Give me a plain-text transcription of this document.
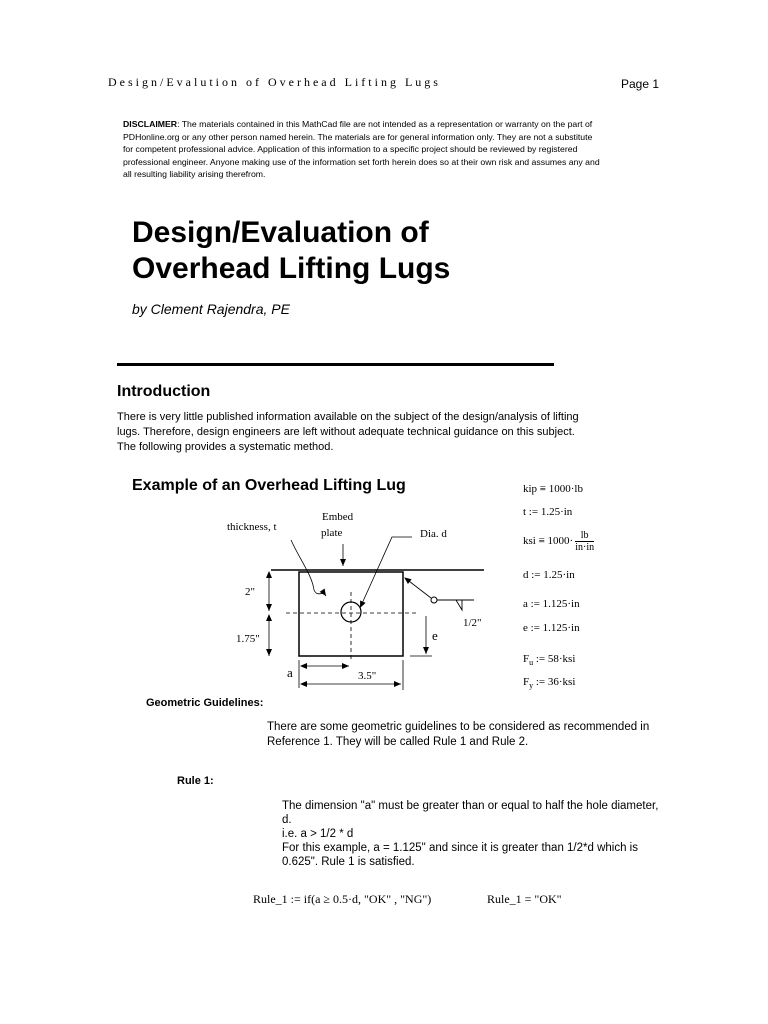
Design/Evalution of Overhead Lifting Lugs	Page 1
DISCLAIMER: The materials contained in this MathCad file are not intended as a representation or warranty on the part of PDHonline.org or any other person named herein. The materials are for general information only. They are not a substitute for competent professional advice. Application of this information to a specific project should be reviewed by registered professional engineer. Anyone making use of the information set forth herein does so at their own risk and assumes any and all resulting liability arising therefrom.
Design/Evaluation of Overhead Lifting Lugs
by Clement Rajendra, PE
Introduction
There is very little published information available on the subject of the design/analysis of lifting lugs. Therefore, design engineers are left without adequate technical guidance on this subject. The following provides a systematic method.
Example of an Overhead Lifting Lug
thickness, t
Embed
plate	Dia. d
2"
1.75"
a	3.5"
e
1/2"
kip ≡ 1000·lb
t := 1.25·in
ksi ≡ $1000\cdot \frac{lb}{in\cdot in}$
d := 1.25·in
a := 1.125·in
e := 1.125·in
$F_u$ := 58·ksi
$F_y$ := 36·ksi
Geometric Guidelines:
There are some geometric guidelines to be considered as recommended in Reference 1. They will be called Rule 1 and Rule 2.
Rule 1:
The dimension "a" must be greater than or equal to half the hole diameter, d.
i.e. a > 1/2 * d
For this example, a = 1.125" and since it is greater than 1/2*d which is 0.625". Rule 1 is satisfied.
Rule_1 := if(a ≥ 0.5·d, "OK" , "NG")	Rule_1 = "OK"
